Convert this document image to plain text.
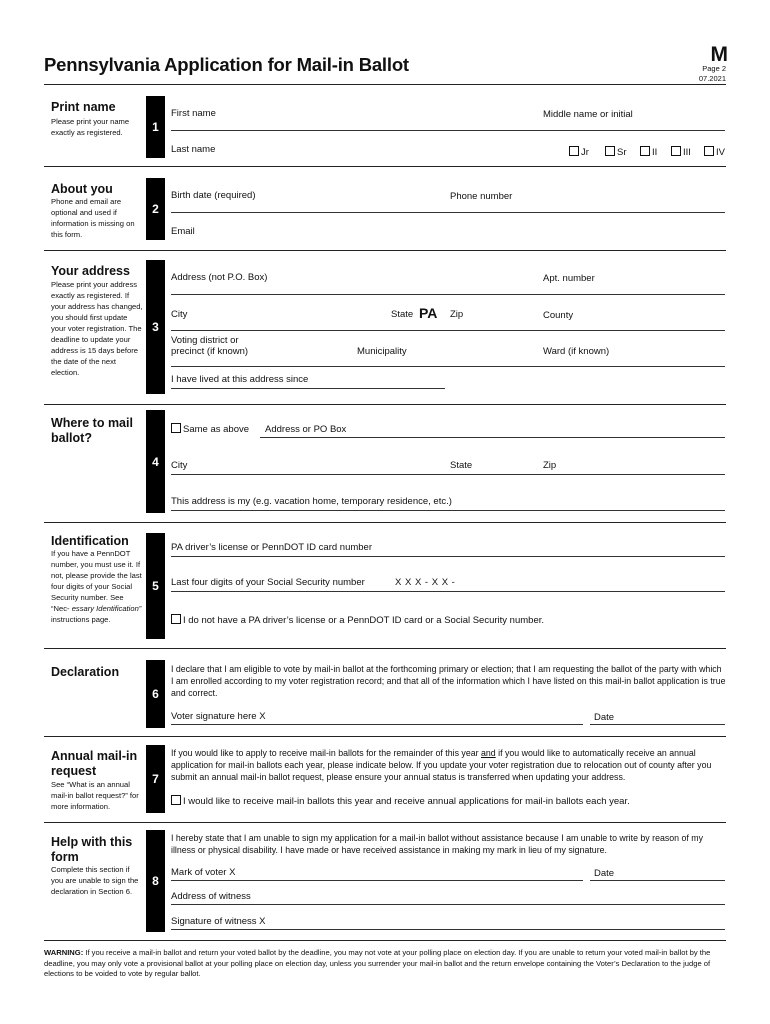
Pennsylvania Application for Mail-in Ballot	M
Page 2
07.2021
Print name
Please print your name exactly as registered.	1
First name	Middle name or initial
Last name	Jr	Sr	II	III	IV
About you
Phone and email are optional and used if information is missing on this form.
2
Birth date (required)	Phone number
Email
Your address
Please print your address exactly as registered. If your address has changed, you should first update your voter registration. The deadline to update your address is 15 days before the date of the next election.
3
Address (not P.O. Box)	Apt. number
City	State PA Zip	County
Voting district or
precinct (if known)	Municipality	Ward (if known)
I have lived at this address since
Where to mail
ballot?
4
Same as above Address or PO Box
City	State	Zip
This address is my (e.g. vacation home, temporary residence, etc.)
Identification
If you have a PennDOT number, you must use it. If not, please provide the last four digits of your Social Security number. See “Nec- essary Identification” instructions page.
5
PA driver’s license or PennDOT ID card number
Last four digits of your Social Security number	X X X - X X -
I do not have a PA driver’s license or a PennDOT ID card or a Social Security number.
Declaration
6
I declare that I am eligible to vote by mail-in ballot at the forthcoming primary or election; that I am requesting the ballot of the party with which I am enrolled according to my voter registration record; and that all of the information which I have listed on this mail-in ballot application is true and correct.
Voter signature here X	Date
Annual mail-in
request
See “What is an annual mail-in ballot request?” for more information.
7
If you would like to apply to receive mail-in ballots for the remainder of this year and if you would like to automatically receive an annual application for mail-in ballots each year, please indicate below. If you update your voter registration due to relocation out of county after you submit an annual mail-in ballot request, please ensure your annual status is transferred when updating your address.
I would like to receive mail-in ballots this year and receive annual applications for mail-in ballots each year.
Help with this
form
Complete this section if you are unable to sign the declaration in Section 6.
8
I hereby state that I am unable to sign my application for a mail-in ballot without assistance because I am unable to write by reason of my illness or physical disability. I have made or have received assistance in making my mark in lieu of my signature.
Mark of voter X	Date
Address of witness
Signature of witness X
WARNING: If you receive a mail-in ballot and return your voted ballot by the deadline, you may not vote at your polling place on election day. If you are unable to return your voted mail-in ballot by the deadline, you may only vote a provisional ballot at your polling place on election day, unless you surrender your mail-in ballot and the return envelope containing the Voter’s Declaration to the judge of elections to be voided to vote by regular ballot.
